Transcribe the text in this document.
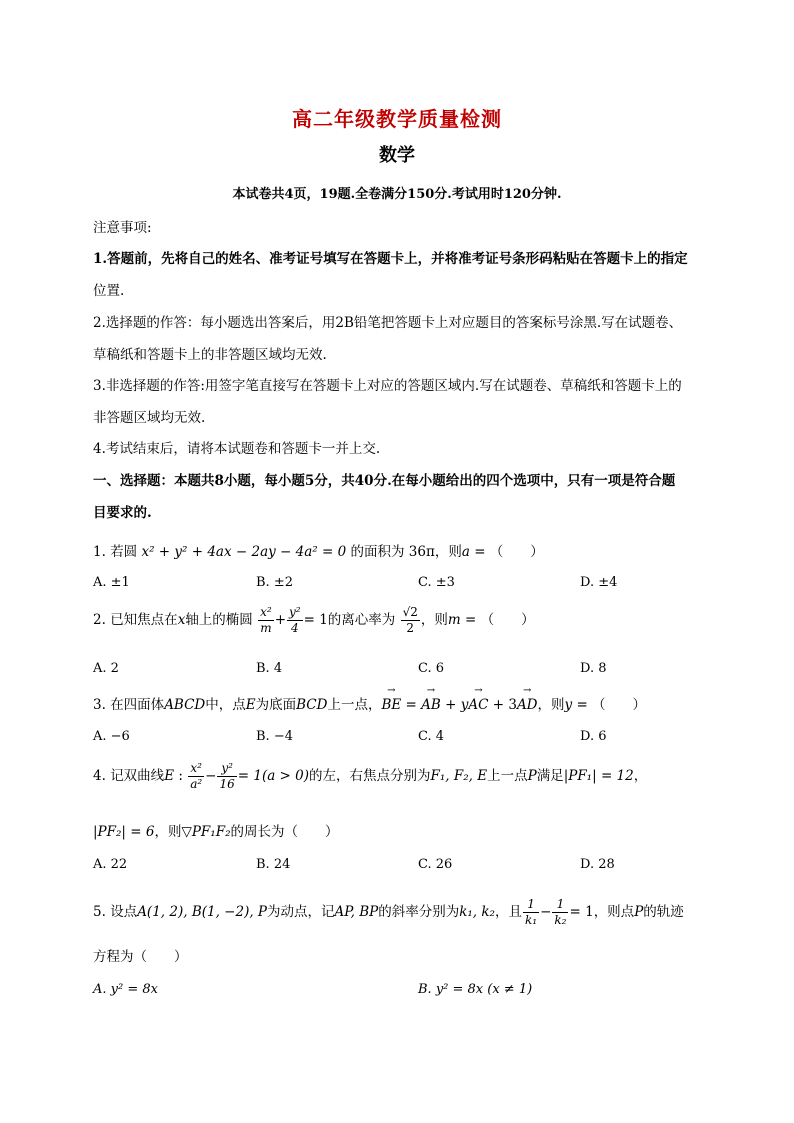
高二年级教学质量检测
数学
本试卷共4页，19题.全卷满分150分.考试用时120分钟.
注意事项:
1.答题前，先将自己的姓名、准考证号填写在答题卡上，并将准考证号条形码粘贴在答题卡上的指定
位置.
2.选择题的作答：每小题选出答案后，用2B铅笔把答题卡上对应题目的答案标号涂黑.写在试题卷、
草稿纸和答题卡上的非答题区域均无效.
3.非选择题的作答:用签字笔直接写在答题卡上对应的答题区域内.写在试题卷、草稿纸和答题卡上的
非答题区域均无效.
4.考试结束后，请将本试题卷和答题卡一并上交.
一、选择题：本题共8小题，每小题5分，共40分.在每小题给出的四个选项中，只有一项是符合题
目要求的.
1. 若圆 x² + y² + 4ax − 2ay − 4a² = 0 的面积为 36π，则a = （　　）
A. ±1	B. ±2	C. ±3	D. ±4
2. 已知焦点在x轴上的椭圆 $\frac{\text{x²}}{m} + \frac{\text{y²}}{4} = 1$的离心率为 $\frac{√2}{2}$ ，则m = （　　）
A. 2	B. 4	C. 6	D. 8
3. 在四面体ABCD中，点E为底面BCD上一点，→ BE = → AB + y→ AC + 3→ AD，则y = （　　）
A. −6	B. −4	C. 4	D. 6
4. 记双曲线E : $\frac{\text{x²}}{\text{a²}} - \frac{\text{y²}}{16} = 1(a > 0)$的左，右焦点分别为F₁, F₂, E上一点P满足|PF₁| = 12，
|PF₂| = 6，则▽PF₁F₂的周长为（　　）
A. 22	B. 24	C. 26	D. 28
5. 设点A(1, 2), B(1, −2), P为动点，记AP, BP的斜率分别为k₁, k₂，且 $\frac{1}{\text{k₁}} - \frac{1}{\text{k₂}} = 1$，则点P的轨迹
方程为（　　）
A. y² = 8x	B. y² = 8x (x ≠ 1)
